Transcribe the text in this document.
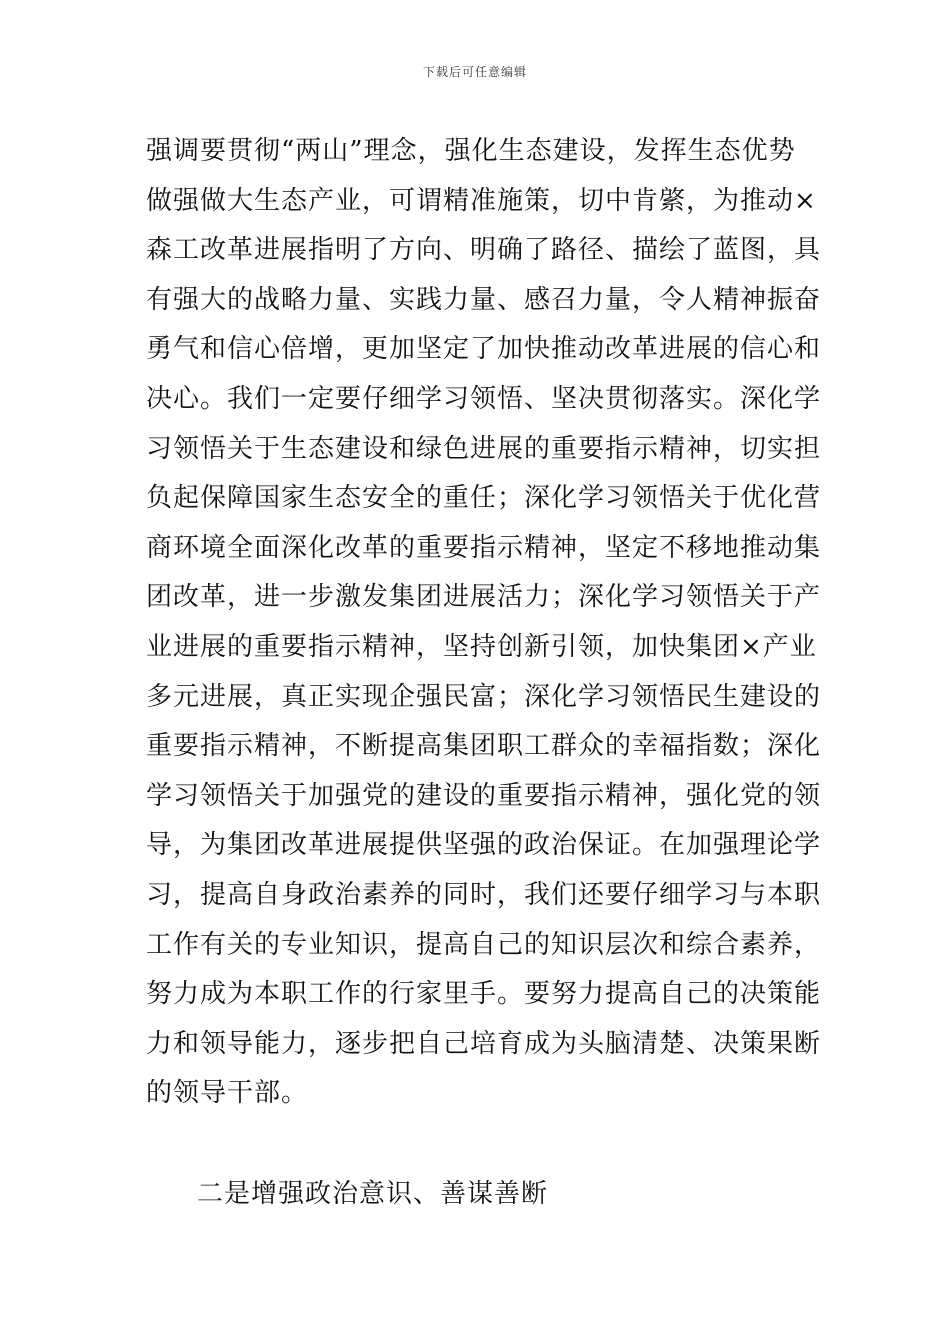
下载后可任意编辑
强调要贯彻“两山”理念，强化生态建设，发挥生态优势
做强做大生态产业，可谓精准施策，切中肯綮，为推动×
森工改革进展指明了方向、明确了路径、描绘了蓝图，具
有强大的战略力量、实践力量、感召力量，令人精神振奋
勇气和信心倍增，更加坚定了加快推动改革进展的信心和
决心。我们一定要仔细学习领悟、坚决贯彻落实。深化学
习领悟关于生态建设和绿色进展的重要指示精神，切实担
负起保障国家生态安全的重任；深化学习领悟关于优化营
商环境全面深化改革的重要指示精神，坚定不移地推动集
团改革，进一步激发集团进展活力；深化学习领悟关于产
业进展的重要指示精神，坚持创新引领，加快集团×产业
多元进展，真正实现企强民富；深化学习领悟民生建设的
重要指示精神，不断提高集团职工群众的幸福指数；深化
学习领悟关于加强党的建设的重要指示精神，强化党的领
导，为集团改革进展提供坚强的政治保证。在加强理论学
习，提高自身政治素养的同时，我们还要仔细学习与本职
工作有关的专业知识，提高自己的知识层次和综合素养，
努力成为本职工作的行家里手。要努力提高自己的决策能
力和领导能力，逐步把自己培育成为头脑清楚、决策果断
的领导干部。
二是增强政治意识、善谋善断
